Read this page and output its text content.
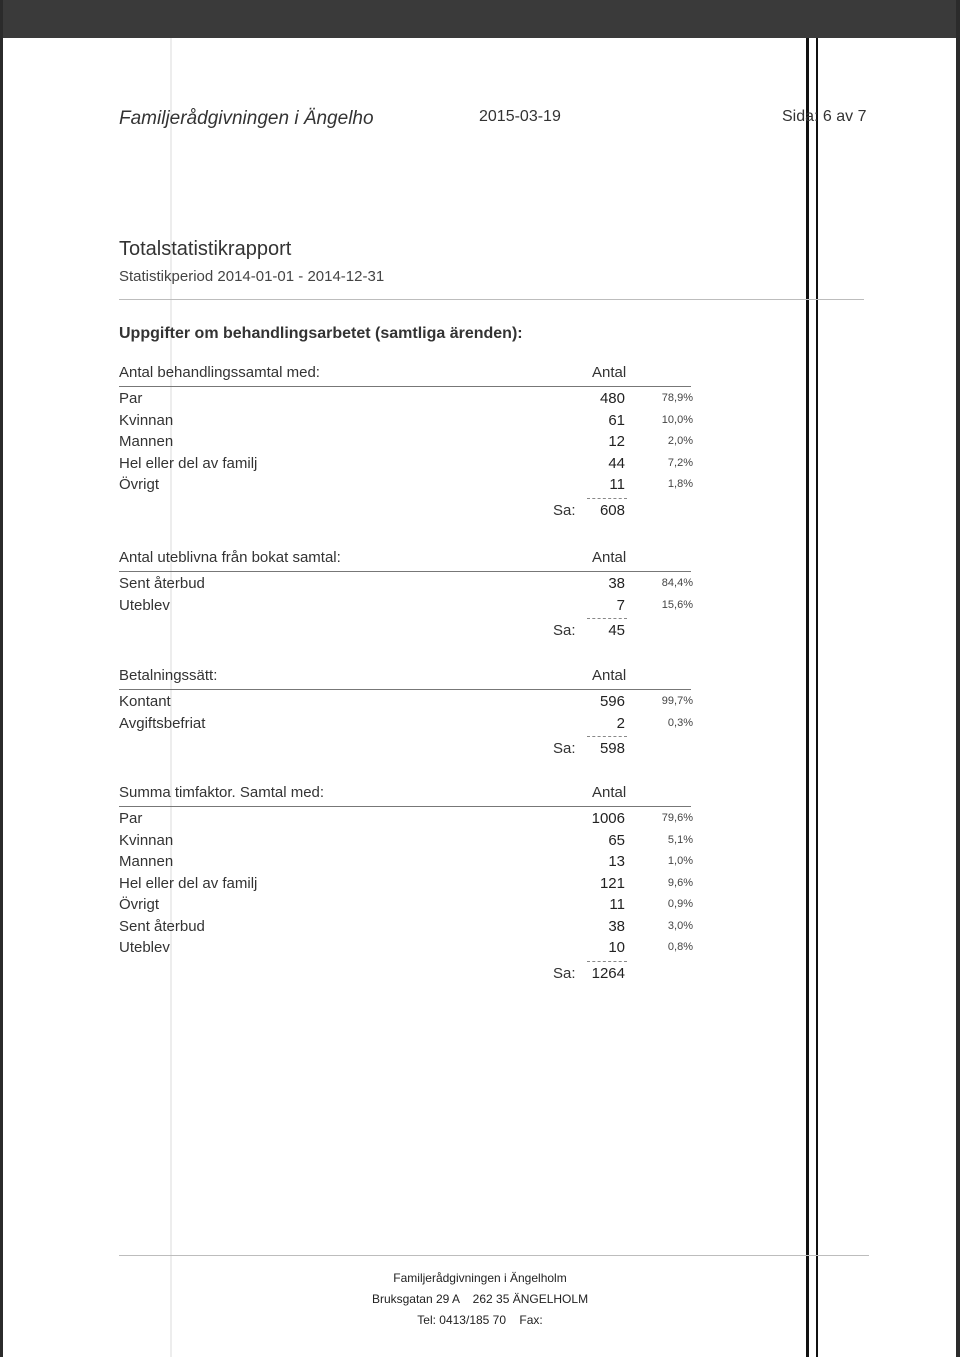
Familjerådgivningen i Ängelho	2015-03-19	Sida: 6 av 7
Totalstatistikrapport
Statistikperiod 2014-01-01 - 2014-12-31
Uppgifter om behandlingsarbetet (samtliga ärenden):
Antal behandlingssamtal med:	Antal
Par	480	78,9%
Kvinnan	61	10,0%
Mannen	12	2,0%
Hel eller del av familj	44	7,2%
Övrigt	11	1,8%
Sa: 608
Antal uteblivna från bokat samtal:	Antal
Sent återbud	38	84,4%
Uteblev	7	15,6%
Sa: 45
Betalningssätt:	Antal
Kontant	596	99,7%
Avgiftsbefriat	2	0,3%
Sa: 598
Summa timfaktor. Samtal med:	Antal
Par	1006	79,6%
Kvinnan	65	5,1%
Mannen	13	1,0%
Hel eller del av familj	121	9,6%
Övrigt	11	0,9%
Sent återbud	38	3,0%
Uteblev	10	0,8%
Sa: 1264
Familjerådgivningen i Ängelholm
Bruksgatan 29 A    262 35 ÄNGELHOLM
Tel: 0413/185 70    Fax:
